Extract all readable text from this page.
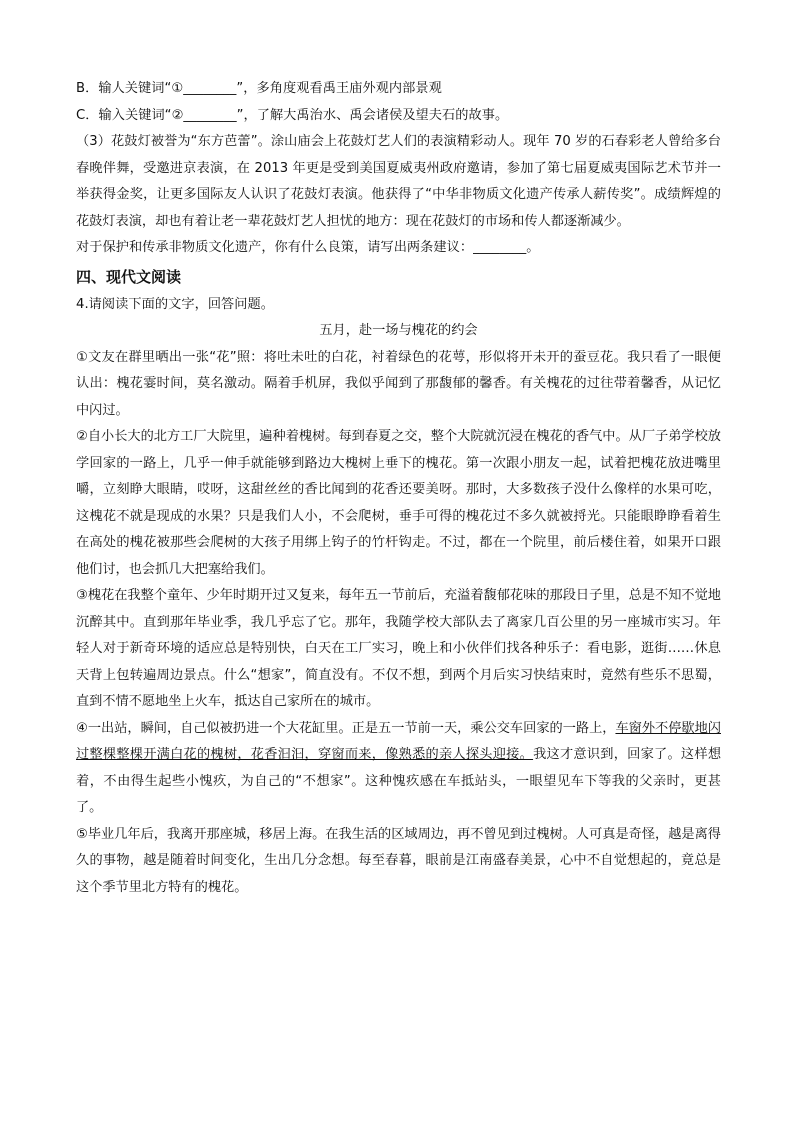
B．输人关键词“①________”，多角度观看禹王庙外观内部景观
C．输入关键词“②________”，了解大禹治水、禹会诸侯及望夫石的故事。
（3）花鼓灯被誉为“东方芭蕾”。涂山庙会上花鼓灯艺人们的表演精彩动人。现年 70 岁的石春彩老人曾给多台春晚伴舞，受邀进京表演，在 2013 年更是受到美国夏威夷州政府邀请，参加了第七届夏威夷国际艺术节并一举获得金奖，让更多国际友人认识了花鼓灯表演。他获得了“中华非物质文化遗产传承人薪传奖”。成绩辉煌的花鼓灯表演，却也有着让老一辈花鼓灯艺人担忧的地方：现在花鼓灯的市场和传人都逐渐减少。
对于保护和传承非物质文化遗产，你有什么良策，请写出两条建议：________。
四、现代文阅读
4.请阅读下面的文字，回答问题。
五月，赴一场与槐花的约会
①文友在群里晒出一张“花”照：将吐未吐的白花，衬着绿色的花萼，形似将开未开的蚕豆花。我只看了一眼便认出：槐花霎时间，莫名激动。隔着手机屏，我似乎闻到了那馥郁的馨香。有关槐花的过往带着馨香，从记忆中闪过。
②自小长大的北方工厂大院里，遍种着槐树。每到春夏之交，整个大院就沉浸在槐花的香气中。从厂子弟学校放学回家的一路上，几乎一伸手就能够到路边大槐树上垂下的槐花。第一次跟小朋友一起，试着把槐花放进嘴里嚼，立刻睁大眼睛，哎呀，这甜丝丝的香比闻到的花香还要美呀。那时，大多数孩子没什么像样的水果可吃，这槐花不就是现成的水果？只是我们人小，不会爬树，垂手可得的槐花过不多久就被捋光。只能眼睁睁看着生在高处的槐花被那些会爬树的大孩子用绑上钩子的竹杆钩走。不过，都在一个院里，前后楼住着，如果开口跟他们讨，也会抓几大把塞给我们。
③槐花在我整个童年、少年时期开过又复来，每年五一节前后，充溢着馥郁花味的那段日子里，总是不知不觉地沉醉其中。直到那年毕业季，我几乎忘了它。那年，我随学校大部队去了离家几百公里的另一座城市实习。年轻人对于新奇环境的适应总是特别快，白天在工厂实习，晚上和小伙伴们找各种乐子：看电影，逛街……休息天背上包转遍周边景点。什么“想家”，简直没有。不仅不想，到两个月后实习快结束时，竟然有些乐不思蜀，直到不情不愿地坐上火车，抵达自己家所在的城市。
④一出站，瞬间，自己似被扔进一个大花缸里。正是五一节前一天，乘公交车回家的一路上，车窗外不停歇地闪过整棵整棵开满白花的槐树，花香汩汩，穿窗而来，像熟悉的亲人探头迎接。我这才意识到，回家了。这样想着，不由得生起些小愧疚，为自己的“不想家”。这种愧疚感在车抵站头，一眼望见车下等我的父亲时，更甚了。
⑤毕业几年后，我离开那座城，移居上海。在我生活的区域周边，再不曾见到过槐树。人可真是奇怪，越是离得久的事物，越是随着时间变化，生出几分念想。每至春暮，眼前是江南盛春美景，心中不自觉想起的，竟总是这个季节里北方特有的槐花。
